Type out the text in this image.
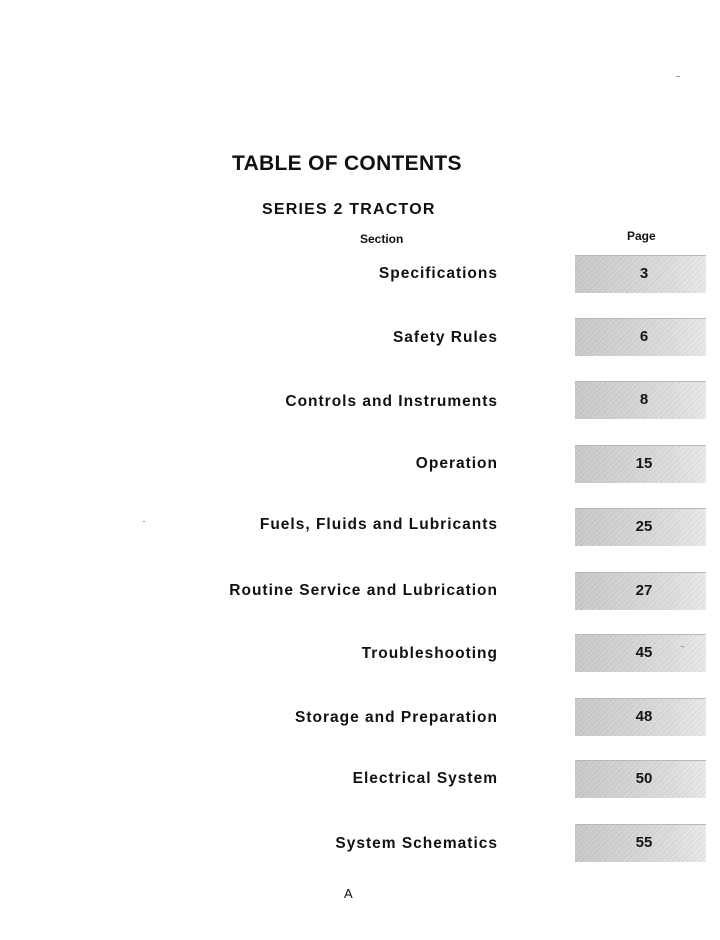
TABLE OF CONTENTS
SERIES 2 TRACTOR
Section	Page
Specifications	3
Safety Rules	6
Controls and Instruments	8
Operation	15
Fuels, Fluids and Lubricants	25
Routine Service and Lubrication	27
Troubleshooting	45
Storage and Preparation	48
Electrical System	50
System Schematics	55
A
